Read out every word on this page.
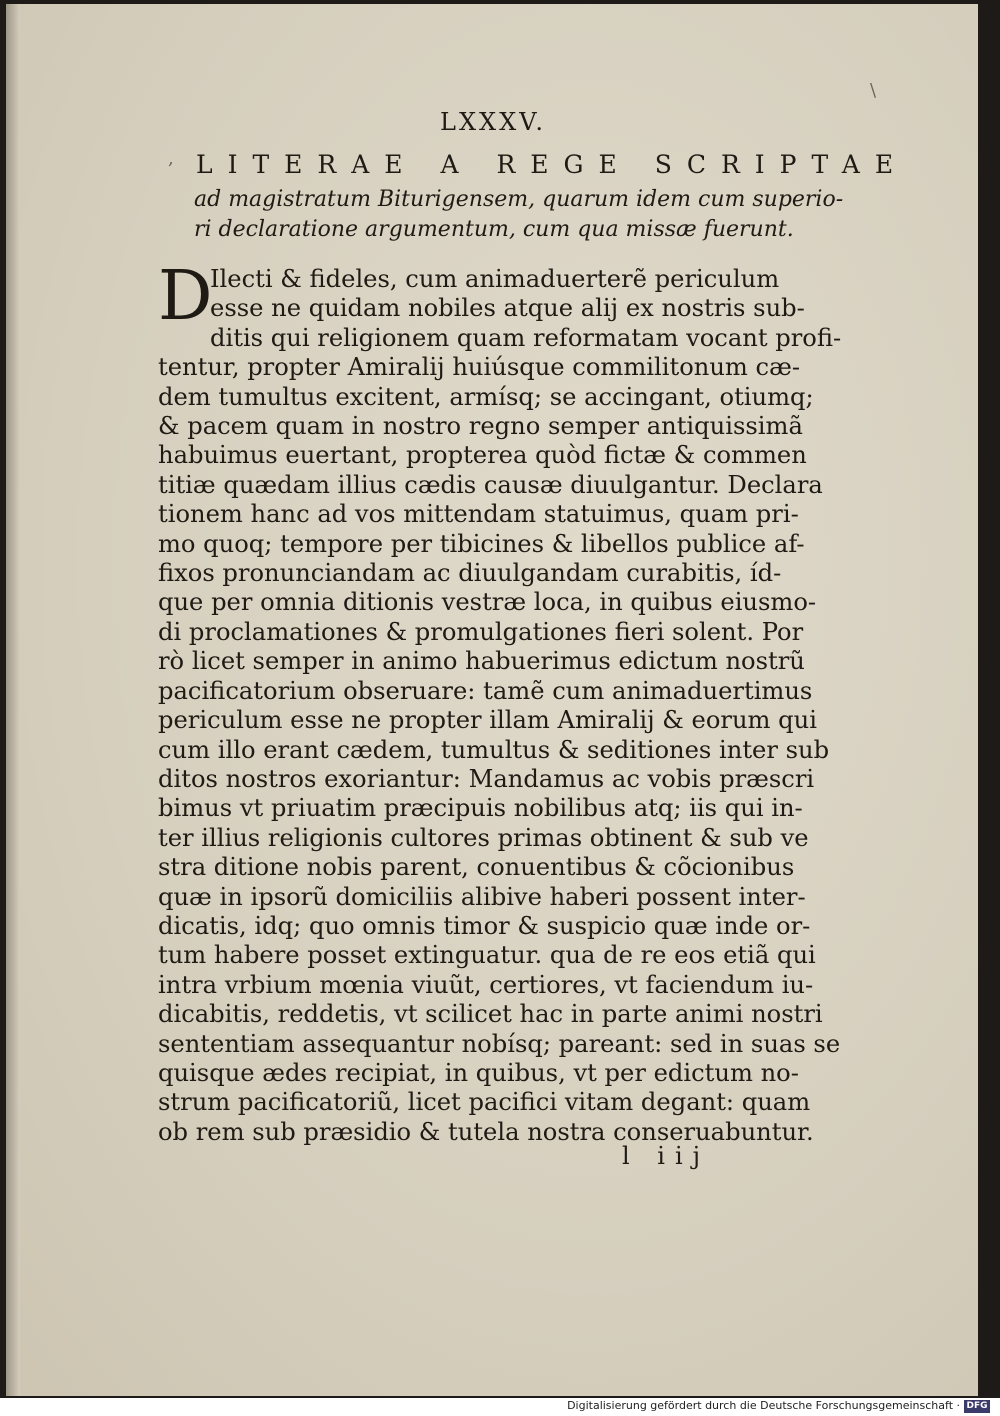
,
\
LXXXV.
LITERAE A REGE SCRIPTAE
ad magistratum Biturigensem, quarum idem cum superio-
ri declaratione argumentum, cum qua missæ fuerunt.
D
Ilecti & fideles, cum animaduerterẽ periculum
esse ne quidam nobiles atque alij ex nostris sub-
ditis qui religionem quam reformatam vocant profi-
tentur, propter Amiralij huiúsque commilitonum cæ-
dem tumultus excitent, armísq; se accingant, otiumq;
& pacem quam in nostro regno semper antiquissimã
habuimus euertant, propterea quòd fictæ & commen
titiæ quædam illius cædis causæ diuulgantur. Declara
tionem hanc ad vos mittendam statuimus, quam pri-
mo quoq; tempore per tibicines & libellos publice af-
fixos pronunciandam ac diuulgandam curabitis, íd-
que per omnia ditionis vestræ loca, in quibus eiusmo-
di proclamationes & promulgationes fieri solent. Por
rò licet semper in animo habuerimus edictum nostrũ
pacificatorium obseruare: tamẽ cum animaduertimus
periculum esse ne propter illam Amiralij & eorum qui
cum illo erant cædem, tumultus & seditiones inter sub
ditos nostros exoriantur: Mandamus ac vobis præscri
bimus vt priuatim præcipuis nobilibus atq; iis qui in-
ter illius religionis cultores primas obtinent & sub ve
stra ditione nobis parent, conuentibus & cõcionibus
quæ in ipsorũ domiciliis alibive haberi possent inter-
dicatis, idq; quo omnis timor & suspicio quæ inde or-
tum habere posset extinguatur. qua de re eos etiã qui
intra vrbium mœnia viuũt, certiores, vt faciendum iu-
dicabitis, reddetis, vt scilicet hac in parte animi nostri
sententiam assequantur nobísq; pareant: sed in suas se
quisque ædes recipiat, in quibus, vt per edictum no-
strum pacificatoriũ, licet pacifici vitam degant: quam
ob rem sub præsidio & tutela nostra conseruabuntur.
l iij
Digitalisierung gefördert durch die Deutsche Forschungsgemeinschaft · DFG
